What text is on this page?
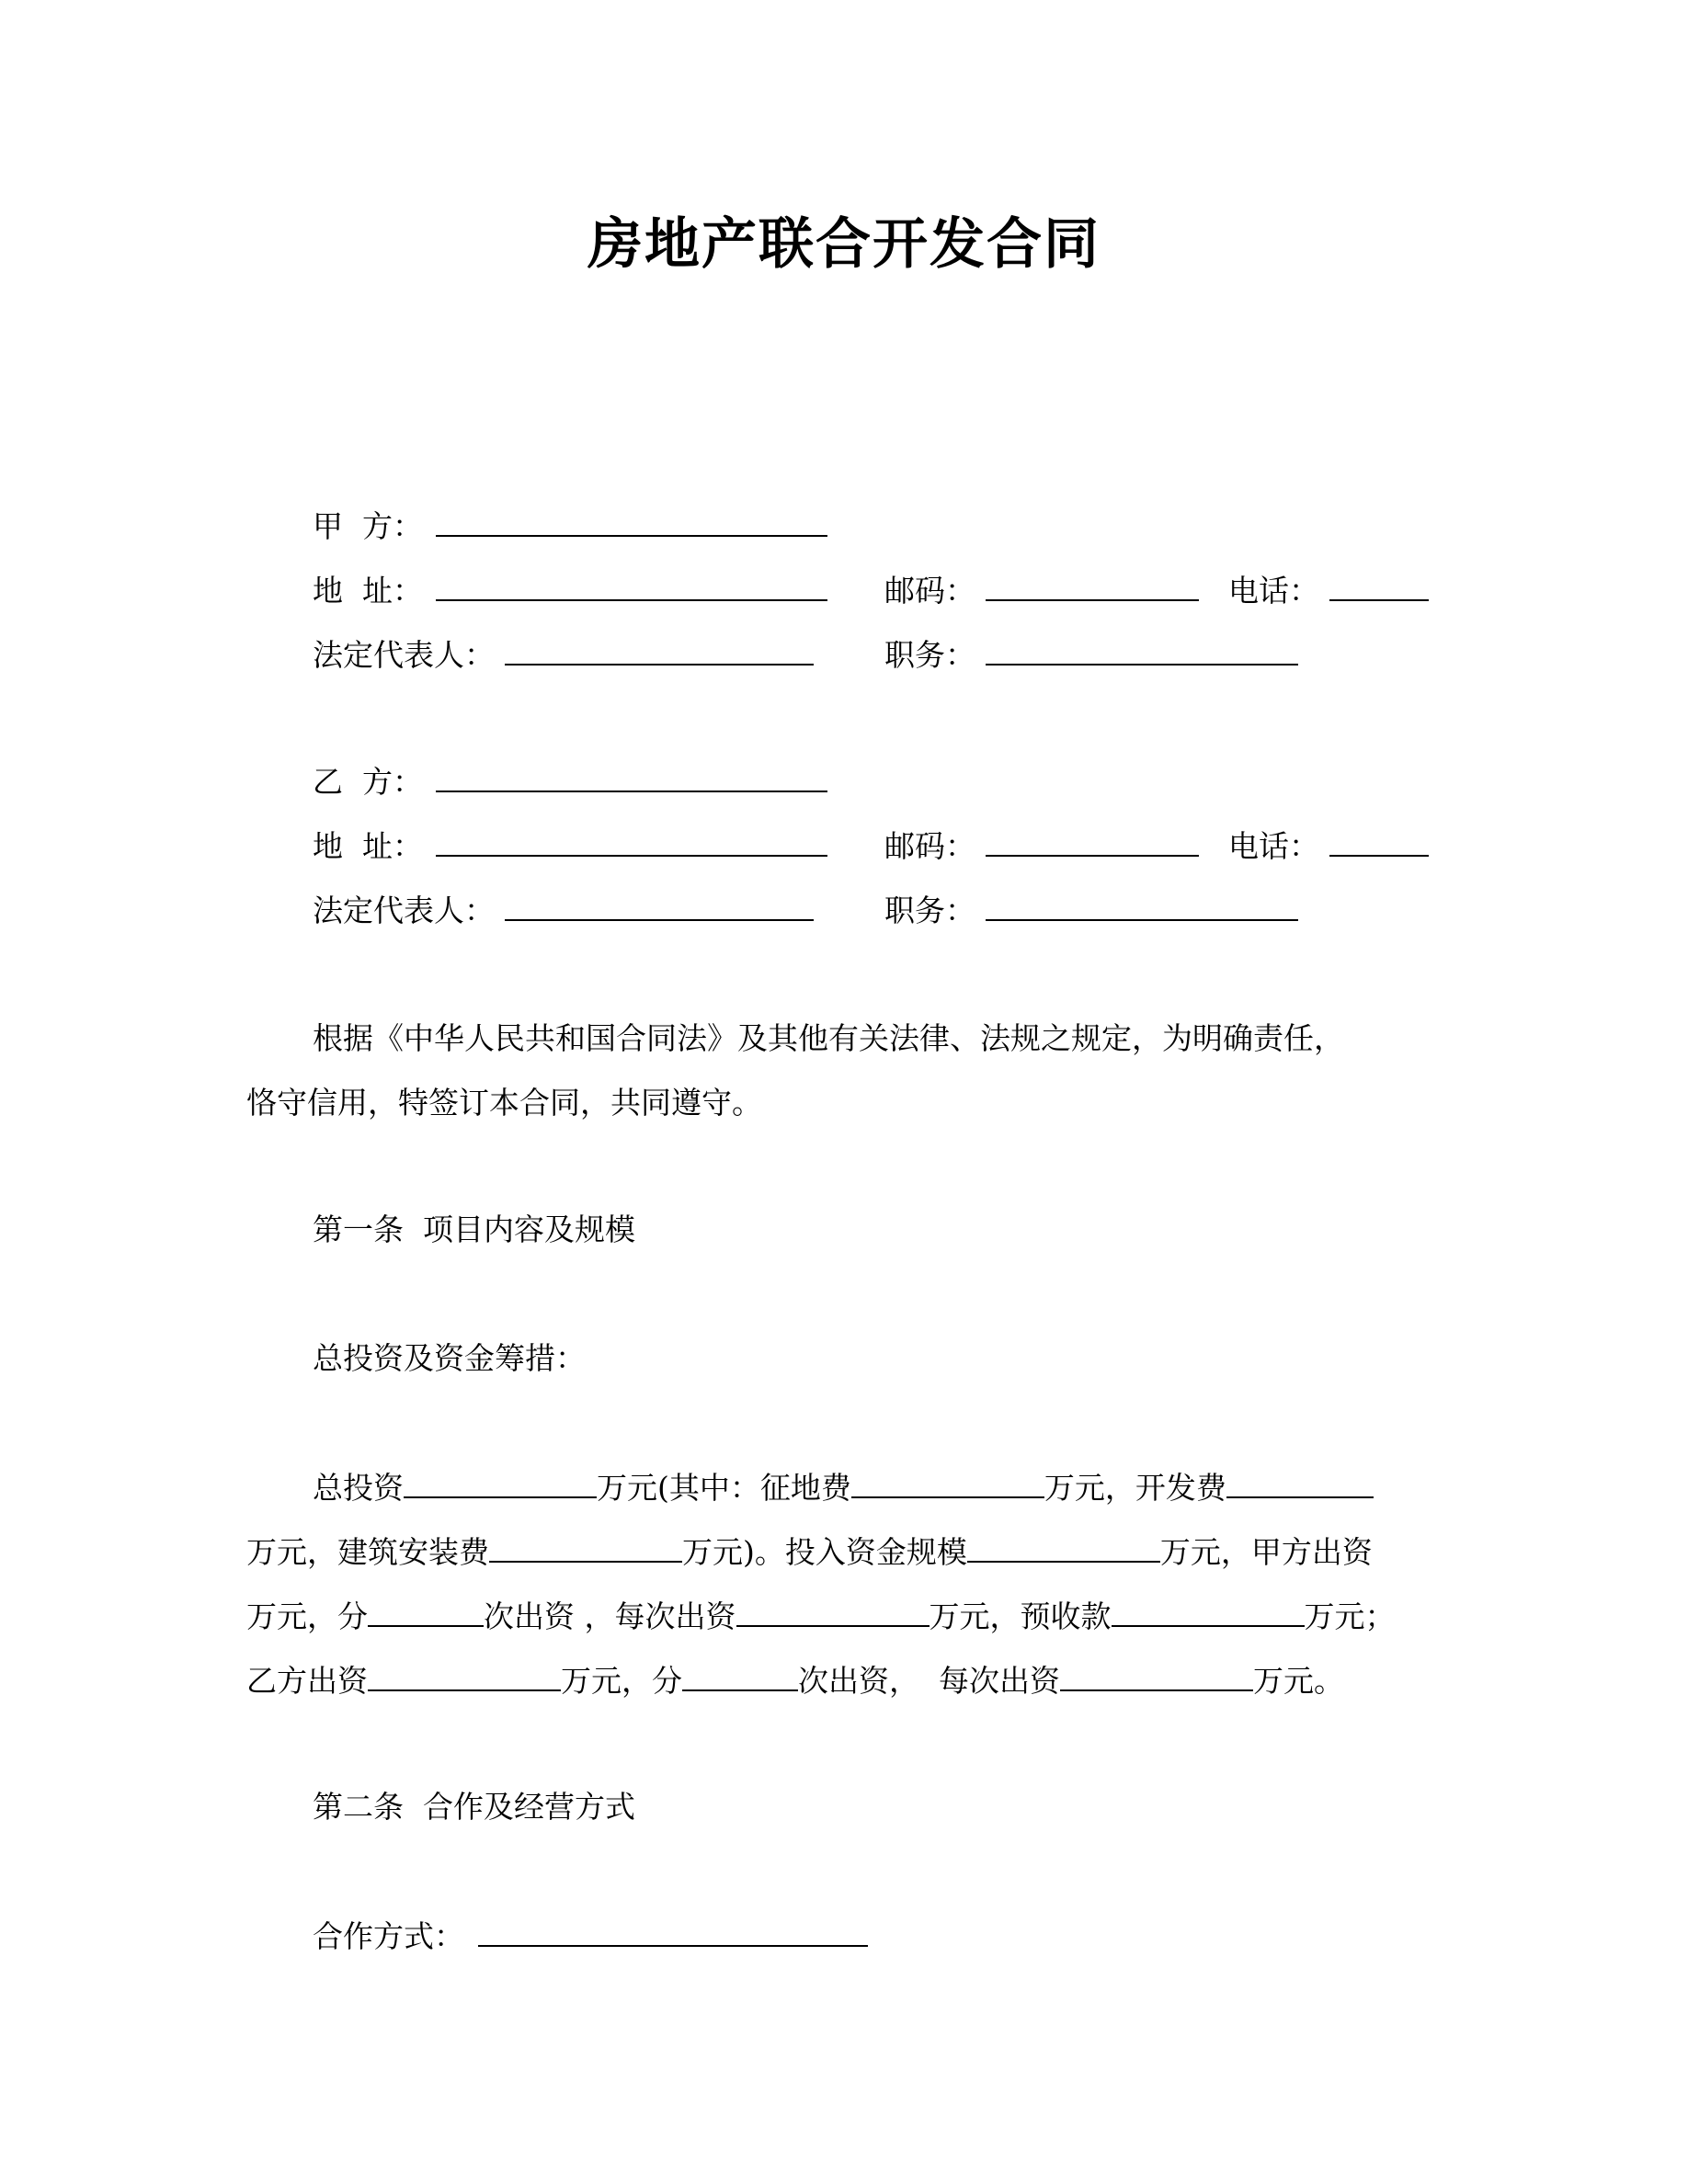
房地产联合开发合同
甲  方：
地  址：	邮码：	电话：
法定代表人：	职务：
乙  方：
地  址：	邮码：	电话：
法定代表人：	职务：
根据《中华人民共和国合同法》及其他有关法律、法规之规定，为明确责任，
恪守信用，特签订本合同，共同遵守。
第一条  项目内容及规模
总投资及资金筹措：
总投资	万元(其中：征地费	万元，开发费
万元，建筑安装费	万元)。投入资金规模	万元，甲方出资
万元，分	次出资 ，每次出资	万元，预收款	万元；
乙方出资	万元，分	次出资，  每次出资	万元。
第二条  合作及经营方式
合作方式：
